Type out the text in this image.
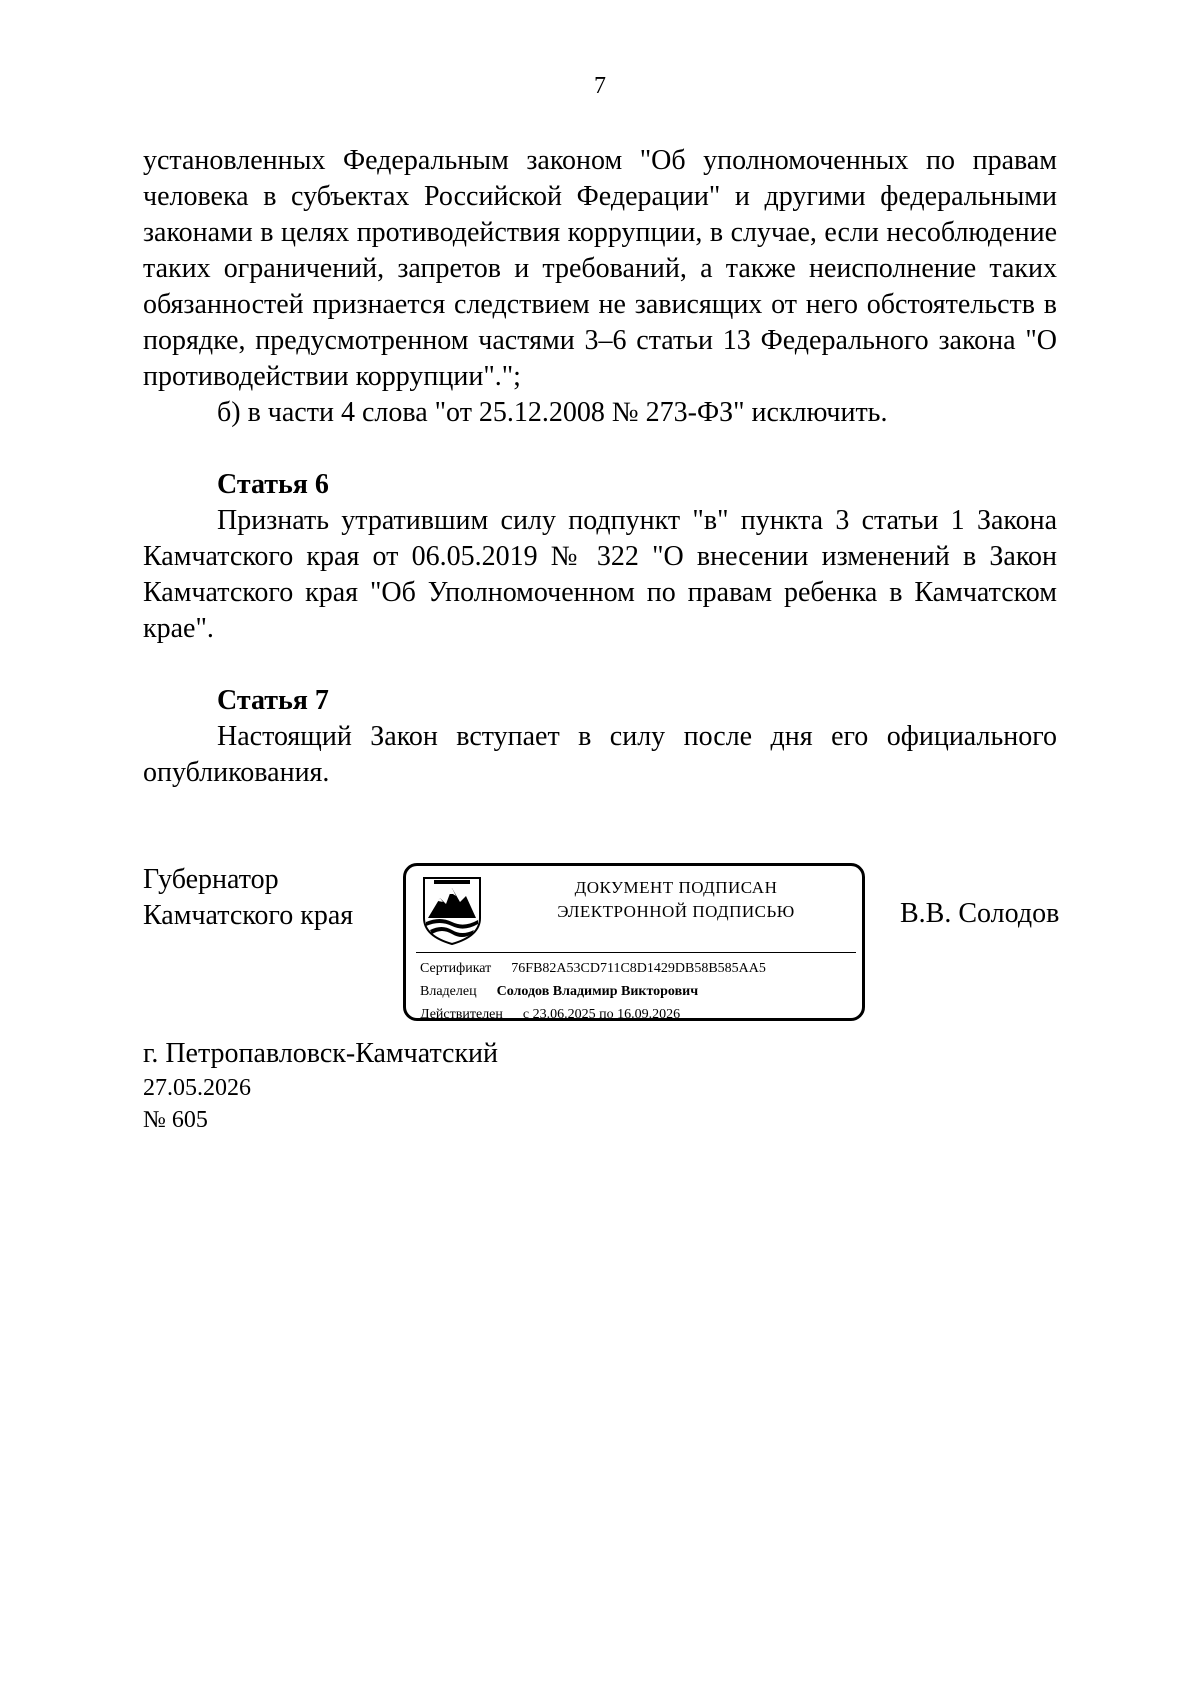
7

установленных Федеральным законом "Об уполномоченных по правам человека в субъектах Российской Федерации" и другими федеральными законами в целях противодействия коррупции, в случае, если несоблюдение таких ограничений, запретов и требований, а также неисполнение таких обязанностей признается следствием не зависящих от него обстоятельств в порядке, предусмотренном частями 3–6 статьи 13 Федерального закона "О противодействии коррупции".";

б) в части 4 слова "от 25.12.2008 № 273-ФЗ" исключить.

Статья 6

Признать утратившим силу подпункт "в" пункта 3 статьи 1 Закона Камчатского края от 06.05.2019 № 322 "О внесении изменений в Закон Камчатского края "Об Уполномоченном по правам ребенка в Камчатском крае".

Статья 7

Настоящий Закон вступает в силу после дня его официального опубликования.

Губернатор
Камчатского края
ДОКУМЕНТ ПОДПИСАН
ЭЛЕКТРОННОЙ ПОДПИСЬЮ
Сертификат 76FB82A53CD711C8D1429DB58B585AA5
Владелец Солодов Владимир Викторович
Действителен с 23.06.2025 по 16.09.2026
В.В. Солодов
г. Петропавловск-Камчатский
27.05.2026
№ 605
